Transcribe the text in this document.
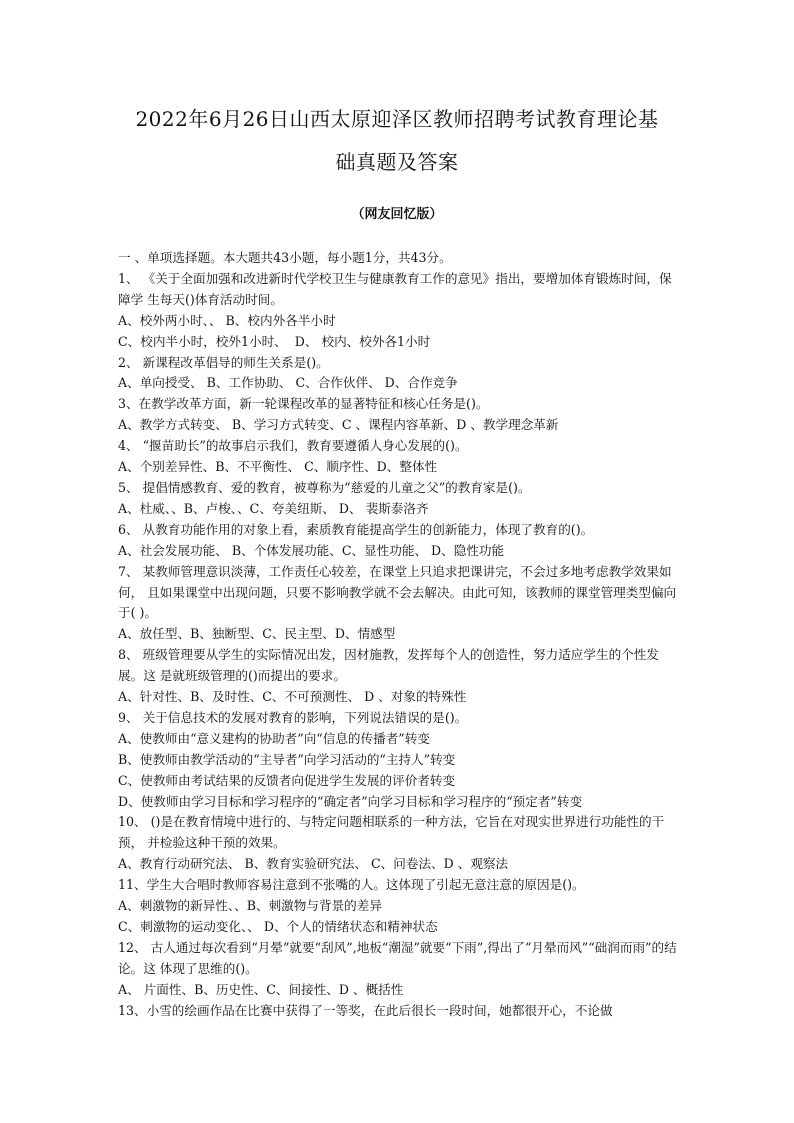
2022年6月26日山西太原迎泽区教师招聘考试教育理论基
础真题及答案
（网友回忆版）

一 、单项选择题。本大题共43小题，每小题1分，共43分。

1、 《关于全面加强和改进新时代学校卫生与健康教育工作的意见》指出，要增加体育锻炼时间，保障学 生每天()体育活动时间。

A、校外两小时、、 B、校内外各半小时

C、校内半小时，校外1小时、  D、 校内、校外各1小时

2、 新课程改革倡导的师生关系是()。

A、单向授受、 B、工作协助、 C、合作伙伴、 D、合作竞争

3、在教学改革方面，新一轮课程改革的显著特征和核心任务是()。

A、教学方式转变、 B、学习方式转变、C 、课程内容革新、D 、教学理念革新

4、 “揠苗助长”的故事启示我们，教育要遵循人身心发展的()。

A、个别差异性、B、不平衡性、 C、顺序性、D、整体性

5、 提倡情感教育、爱的教育，被尊称为“慈爱的儿童之父”的教育家是()。

A、杜威、、B、卢梭、、C、夸美纽斯、 D、 裴斯泰洛齐

6、 从教育功能作用的对象上看，素质教育能提高学生的创新能力，体现了教育的()。

A、社会发展功能、 B、个体发展功能、C、显性功能、 D、隐性功能

7、 某教师管理意识淡薄，工作责任心较差，在课堂上只追求把课讲完，不会过多地考虑教学效果如何， 且如果课堂中出现问题，只要不影响教学就不会去解决。由此可知，该教师的课堂管理类型偏向于( )。

A、放任型、B、独断型、C、民主型、D、情感型

8、 班级管理要从学生的实际情况出发，因材施教，发挥每个人的创造性，努力适应学生的个性发展。这 是就班级管理的()而提出的要求。

A、针对性、B、及时性、C、不可预测性、 D 、对象的特殊性

9、 关于信息技术的发展对教育的影响，下列说法错误的是()。

A、使教师由“意义建构的协助者”向“信息的传播者”转变

B、使教师由教学活动的“主导者”向学习活动的“主持人”转变

C、使教师由考试结果的反馈者向促进学生发展的评价者转变

D、使教师由学习目标和学习程序的“确定者”向学习目标和学习程序的“预定者”转变

10、 ()是在教育情境中进行的、与特定问题相联系的一种方法，它旨在对现实世界进行功能性的干预， 并检验这种干预的效果。

A、教育行动研究法、 B、教育实验研究法、 C、问卷法、D 、观察法

11、学生大合唱时教师容易注意到不张嘴的人。这体现了引起无意注意的原因是()。

A、刺激物的新异性、、B、刺激物与背景的差异

C、刺激物的运动变化、、 D、个人的情绪状态和精神状态

12、 古人通过每次看到“月晕”就要“刮风”,地板“潮湿”就要“下雨”,得出了“月晕而风”“础润而雨”的结论。这 体现了思维的()。

A、 片面性、B、历史性、C、间接性、D 、概括性

13、小雪的绘画作品在比赛中获得了一等奖，在此后很长一段时间，她都很开心，不论做
